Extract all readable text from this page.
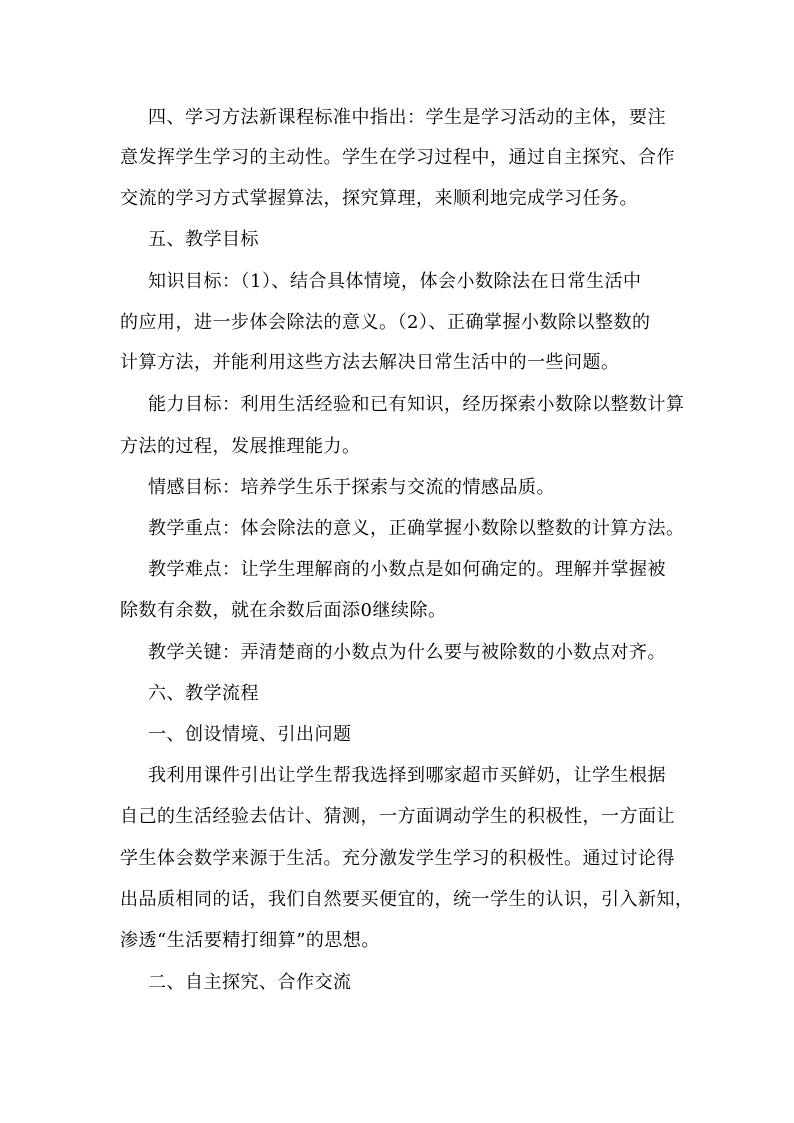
四、学习方法新课程标准中指出：学生是学习活动的主体，要注
意发挥学生学习的主动性。学生在学习过程中，通过自主探究、合作
交流的学习方式掌握算法，探究算理，来顺利地完成学习任务。
五、教学目标
知识目标：（1）、结合具体情境，体会小数除法在日常生活中
的应用，进一步体会除法的意义。（2）、正确掌握小数除以整数的
计算方法，并能利用这些方法去解决日常生活中的一些问题。
能力目标：利用生活经验和已有知识，经历探索小数除以整数计算
方法的过程，发展推理能力。
情感目标：培养学生乐于探索与交流的情感品质。
教学重点：体会除法的意义，正确掌握小数除以整数的计算方法。
教学难点：让学生理解商的小数点是如何确定的。理解并掌握被
除数有余数，就在余数后面添0继续除。
教学关键：弄清楚商的小数点为什么要与被除数的小数点对齐。
六、教学流程
一、创设情境、引出问题
我利用课件引出让学生帮我选择到哪家超市买鲜奶，让学生根据
自己的生活经验去估计、猜测，一方面调动学生的积极性，一方面让
学生体会数学来源于生活。充分激发学生学习的积极性。通过讨论得
出品质相同的话，我们自然要买便宜的，统一学生的认识，引入新知，
渗透“生活要精打细算”的思想。
二、自主探究、合作交流
